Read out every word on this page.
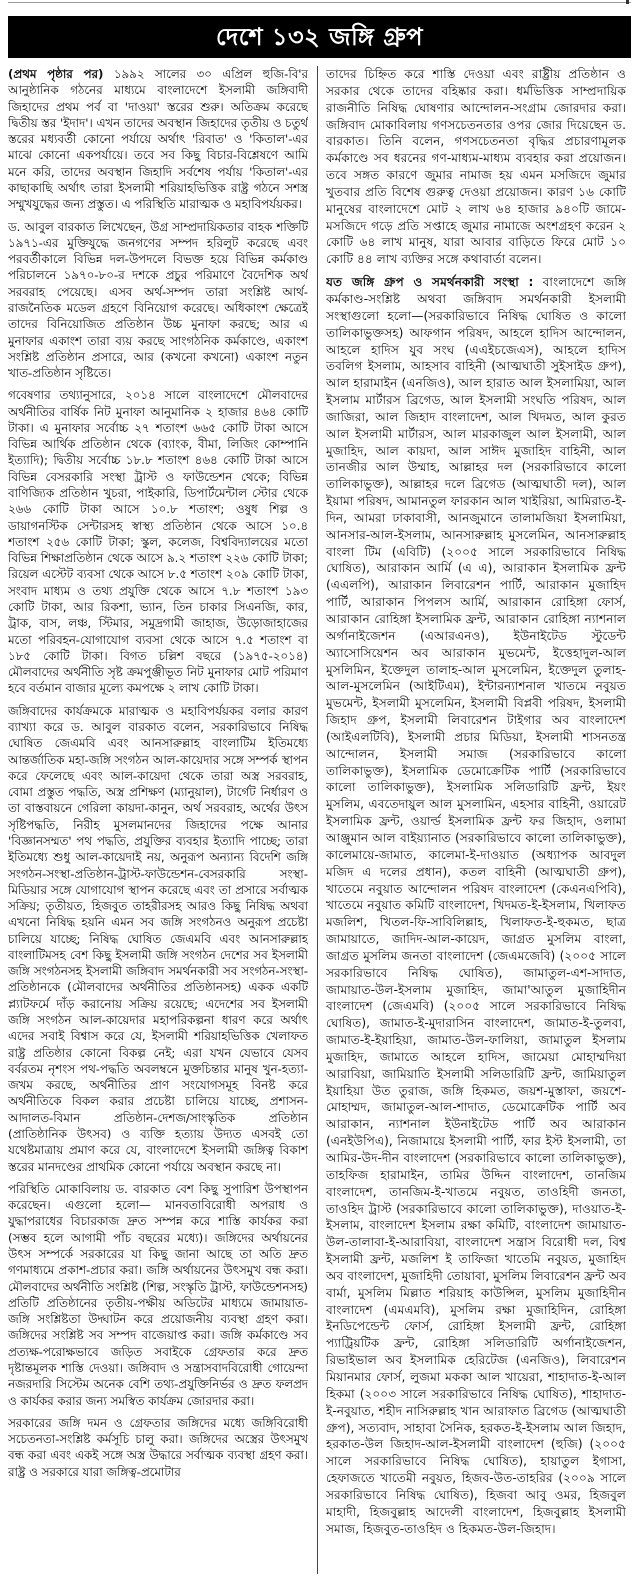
দেশে ১৩২ জঙ্গি গ্রুপ

(প্রথম পৃষ্ঠার পর) ১৯৯২ সালের ৩০ এপ্রিল হুজি-বি'র আনুষ্ঠানিক গঠনের মাধ্যমে বাংলাদেশে ইসলামী জঙ্গিবাদী জিহাদের প্রথম পর্ব বা 'দাওয়া' স্তরের শুরু। অতিক্রম করেছে দ্বিতীয় স্তর 'ইদাদ'। এখন তাদের অবস্থান জিহাদের তৃতীয় ও চতুর্থ স্তরের মধ্যবর্তী কোনো পর্যায়ে অর্থাৎ 'রিবাত' ও 'কিতাল'-এর মাঝে কোনো একপর্যায়ে। তবে সব কিছু বিচার-বিশ্লেষণে আমি মনে করি, তাদের অবস্থান জিহাদি সর্বশেষ পর্যায় 'কিতাল'-এর কাছাকাছি অর্থাৎ তারা ইসলামী শরিয়াহভিত্তিক রাষ্ট্র গঠনে সশস্ত্র সম্মুখযুদ্ধের জন্য প্রস্তুত। এ পরিস্থিতি মারাত্মক ও মহাবিপর্যয়কর।

ড. আবুল বারকাত লিখেছেন, উগ্র সাম্প্রদায়িকতার বাহক শক্তিটি ১৯৭১-এর মুক্তিযুদ্ধে জনগণের সম্পদ হরিলুট করেছে এবং পরবর্তীকালে বিভিন্ন দল-উপদলে বিভক্ত হয়ে বিভিন্ন কর্মকাণ্ড পরিচালনে ১৯৭০-৮০-র দশকে প্রচুর পরিমাণে বৈদেশিক অর্থ সরবরাহ পেয়েছে। এসব অর্থ-সম্পদ তারা সংশ্লিষ্ট আর্থ-রাজনৈতিক মডেল গ্রহণে বিনিয়োগ করেছে। অধিকাংশ ক্ষেত্রেই তাদের বিনিয়োজিত প্রতিষ্ঠান উচ্চ মুনাফা করছে; আর এ মুনাফার একাংশ তারা ব্যয় করছে সাংগঠনিক কর্মকাণ্ডে, একাংশ সংশ্লিষ্ট প্রতিষ্ঠান প্রসারে, আর (কখনো কখনো) একাংশ নতুন খাত-প্রতিষ্ঠান সৃষ্টিতে।

গবেষণার তথ্যানুসারে, ২০১৪ সালে বাংলাদেশে মৌলবাদের অর্থনীতির বার্ষিক নিট মুনাফা আনুমানিক ২ হাজার ৪৬৪ কোটি টাকা। এ মুনাফার সর্বোচ্চ ২৭ শতাংশ ৬৬৫ কোটি টাকা আসে বিভিন্ন আর্থিক প্রতিষ্ঠান থেকে (ব্যাংক, বীমা, লিজিং কোম্পানি ইত্যাদি); দ্বিতীয় সর্বোচ্চ ১৮.৮ শতাংশ ৪৬৪ কোটি টাকা আসে বিভিন্ন বেসরকারি সংস্থা ট্রাস্ট ও ফাউন্ডেশন থেকে; বিভিন্ন বাণিজ্যিক প্রতিষ্ঠান খুচরা, পাইকারি, ডিপার্টমেন্টাল স্টোর থেকে ২৬৬ কোটি টাকা আসে ১০.৮ শতাংশ; ওষুধ শিল্প ও ডায়াগনস্টিক সেন্টারসহ স্বাস্থ্য প্রতিষ্ঠান থেকে আসে ১০.৪ শতাংশ ২৫৬ কোটি টাকা; স্কুল, কলেজ, বিশ্ববিদ্যালয়ের মতো বিভিন্ন শিক্ষাপ্রতিষ্ঠান থেকে আসে ৯.২ শতাংশ ২২৬ কোটি টাকা; রিয়েল এস্টেট ব্যবসা থেকে আসে ৮.৫ শতাংশ ২০৯ কোটি টাকা, সংবাদ মাধ্যম ও তথ্য প্রযুক্তি থেকে আসে ৭.৮ শতাংশ ১৯৩ কোটি টাকা, আর রিকশা, ভ্যান, তিন চাকার সিএনজি, কার, ট্রাক, বাস, লঞ্চ, স্টিমার, সমুদ্রগামী জাহাজ, উড়োজাহাজের মতো পরিবহন-যোগাযোগ ব্যবসা থেকে আসে ৭.৫ শতাংশ বা ১৮৫ কোটি টাকা। বিগত চল্লিশ বছরে (১৯৭৫-২০১৪) মৌলবাদের অর্থনীতি সৃষ্ট ক্রমপুঞ্জীভূত নিট মুনাফার মোট পরিমাণ হবে বর্তমান বাজার মূল্যে কমপক্ষে ২ লাখ কোটি টাকা।

জঙ্গিবাদের কার্যক্রমকে মারাত্মক ও মহাবিপর্যয়কর বলার কারণ ব্যাখ্যা করে ড. আবুল বারকাত বলেন, সরকারিভাবে নিষিদ্ধ ঘোষিত জেএমবি এবং আনসারুল্লাহ বাংলাটিম ইতিমধ্যে আন্তর্জাতিক মহা-জঙ্গি সংগঠন আল-কায়েদার সঙ্গে সম্পর্ক স্থাপন করে ফেলেছে এবং আল-কায়েদা থেকে তারা অস্ত্র সরবরাহ, বোমা প্রস্তুত পদ্ধতি, অস্ত্র প্রশিক্ষণ (ম্যানুয়াল), টার্গেট নির্ধারণ ও তা বাস্তবায়নে গেরিলা কায়দা-কানুন, অর্থ সরবরাহ, অর্থের উৎস সৃষ্টিপদ্ধতি, নিরীহ মুসলমানদের জিহাদের পক্ষে আনার 'বিজ্ঞানসম্মত' পথ পদ্ধতি, প্রযুক্তির ব্যবহার ইত্যাদি পাচ্ছে; তারা ইতিমধ্যে শুধু আল-কায়েদাই নয়, অনুরূপ অন্যান্য বিদেশি জঙ্গি সংগঠন-সংস্থা-প্রতিষ্ঠান-ট্রাস্ট-ফাউন্ডেশন-বেসরকারি সংস্থা-মিডিয়ার সঙ্গে যোগাযোগ স্থাপন করেছে এবং তা প্রসারে সর্বাত্মক সক্রিয়; তৃতীয়ত, হিজবুত তাহরীরসহ আরও কিছু নিষিদ্ধ অথবা এখনো নিষিদ্ধ হয়নি এমন সব জঙ্গি সংগঠনও অনুরূপ প্রচেষ্টা চালিয়ে যাচ্ছে; নিষিদ্ধ ঘোষিত জেএমবি এবং আনসারুল্লাহ বাংলাটিমসহ বেশ কিছু ইসলামী জঙ্গি সংগঠন দেশের সব ইসলামী জঙ্গি সংগঠনসহ ইসলামী জঙ্গিবাদ সমর্থনকারী সব সংগঠন-সংস্থা-প্রতিষ্ঠানকে (মৌলবাদের অর্থনীতির প্রতিষ্ঠানসহ) একক একটি প্ল্যাটফর্মে দাঁড় করানোয় সক্রিয় রয়েছে; এদেশের সব ইসলামী জঙ্গি সংগঠন আল-কায়েদার মহাপরিকল্পনা ধারণ করে অর্থাৎ এদের সবাই বিশ্বাস করে যে, ইসলামী শরিয়াহভিত্তিক খেলাফত রাষ্ট্র প্রতিষ্ঠার কোনো বিকল্প নেই; এরা যখন যেভাবে যেসব বর্বরতম নৃশংস পথ-পদ্ধতি অবলম্বনে মুক্তচিন্তার মানুষ খুন-হত্যা-জখম করছে, অর্থনীতির প্রাণ সংযোগসমূহ বিনষ্ট করে অর্থনীতিকে বিকল করার প্রচেষ্টা চালিয়ে যাচ্ছে, প্রশাসন-আদালত-বিমান প্রতিষ্ঠান-দেশজ/সাংস্কৃতিক প্রতিষ্ঠান (প্রাতিষ্ঠানিক উৎসব) ও ব্যক্তি হত্যায় উদ্যত এসবই তো যথেষ্টমাত্রায় প্রমাণ করে যে, বাংলাদেশে ইসলামী জঙ্গিত্ব বিকাশ স্তরের মানদণ্ডের প্রাথমিক কোনো পর্যায়ে অবস্থান করছে না।

পরিস্থিতি মোকাবিলায় ড. বারকাত বেশ কিছু সুপারিশ উপস্থাপন করেছেন। এগুলো হলো— মানবতাবিরোধী অপরাধ ও যুদ্ধাপরাধের বিচারকাজ দ্রুত সম্পন্ন করে শাস্তি কার্যকর করা (সম্ভব হলে আগামী পাঁচ বছরের মধ্যে)। জঙ্গিদের অর্থায়নের উৎস সম্পর্কে সরকারের যা কিছু জানা আছে তা অতি দ্রুত গণমাধ্যমে প্রকাশ-প্রচার করা। জঙ্গি অর্থায়নের উৎসমুখ বন্ধ করা। মৌলবাদের অর্থনীতি সংশ্লিষ্ট (শিল্প, সংস্কৃতি ট্রাস্ট, ফাউন্ডেশনসহ) প্রতিটি প্রতিষ্ঠানের তৃতীয়-পক্ষীয় অডিটের মাধ্যমে জামায়াত-জঙ্গি সংশ্লিষ্টতা উদ্ঘাটন করে প্রয়োজনীয় ব্যবস্থা গ্রহণ করা। জঙ্গিদের সংশ্লিষ্ট সব সম্পদ বাজেয়াপ্ত করা। জঙ্গি কর্মকাণ্ডে সব প্রত্যক্ষ-পরোক্ষভাবে জড়িত সবাইকে গ্রেফতার করে দ্রুত দৃষ্টান্তমূলক শাস্তি দেওয়া। জঙ্গিবাদ ও সন্ত্রাসবাদবিরোধী গোয়েন্দা নজরদারি সিস্টেম অনেক বেশি তথ্য-প্রযুক্তিনির্ভর ও দ্রুত ফলপ্রদ ও কার্যকর করার জন্য সমস্বিত কার্যক্রম জোরদার করা।

সরকারের জঙ্গি দমন ও গ্রেফতার জঙ্গিদের মধ্যে জঙ্গিবিরোধী সচেতনতা-সংশ্লিষ্ট কর্মসূচি চালু করা। জঙ্গিদের অস্ত্রের উৎসমুখ বন্ধ করা এবং একই সঙ্গে অস্ত্র উদ্ধারে সর্বাত্মক ব্যবস্থা গ্রহণ করা। রাষ্ট্র ও সরকারে যারা জঙ্গিত্ব-প্রমোটার

তাদের চিহ্নিত করে শাস্তি দেওয়া এবং রাষ্ট্রীয় প্রতিষ্ঠান ও সরকার থেকে তাদের বহিষ্কার করা। ধর্মভিত্তিক সাম্প্রদায়িক রাজনীতি নিষিদ্ধ ঘোষণার আন্দোলন-সংগ্রাম জোরদার করা। জঙ্গিবাদ মোকাবিলায় গণসচেতনতার ওপর জোর দিয়েছেন ড. বারকাত। তিনি বলেন, গণসচেতনতা বৃদ্ধির প্রচারণামূলক কর্মকাণ্ডে সব ধরনের গণ-মাধ্যম-মাধ্যম ব্যবহার করা প্রয়োজন। তবে সঙ্গত কারণে জুমার নামাজ হয় এমন মসজিদে জুমার খুতবার প্রতি বিশেষ গুরুত্ব দেওয়া প্রয়োজন। কারণ ১৬ কোটি মানুষের বাংলাদেশে মোট ২ লাখ ৬৪ হাজার ৯৪০টি জামে-মসজিদে গড়ে প্রতি সপ্তাহে জুমার নামাজে অংশগ্রহণ করেন ২ কোটি ৬৪ লাখ মানুষ, যারা আবার বাড়িতে ফিরে মোট ১০ কোটি ৪৪ লাখ ব্যক্তির সঙ্গে কথাবার্তা বলেন।

যত জঙ্গি গ্রুপ ও সমর্থনকারী সংস্থা : বাংলাদেশে জঙ্গি কর্মকাণ্ড-সংশ্লিষ্ট অথবা জঙ্গিবাদ সমর্থনকারী ইসলামী সংস্থাগুলো হলো—(সরকারিভাবে নিষিদ্ধ ঘোষিত ও কালো তালিকাভুক্তসহ) আফগান পরিষদ, আহলে হাদিস আন্দোলন, আহলে হাদিস যুব সংঘ (এএইচজেএস), আহলে হাদিস তবলিগ ইসলাম, আহসাব বাহিনী (আত্মঘাতী সুইসাইড গ্রুপ), আল হারামাইন (এনজিও), আল হারাত আল ইসলামিয়া, আল ইসলাম মার্টারস ব্রিগেড, আল ইসলামী সংঘতি পরিষদ, আল জাজিরা, আল জিহাদ বাংলাদেশ, আল খিদমত, আল কুরত আল ইসলামী মার্টারস, আল মারকাজুল আল ইসলামী, আল মুজাহিদ, আল কায়দা, আল সাঈদ মুজাহিদ বাহিনী, আল তানজীর আল উম্মাহ, আল্লাহর দল (সরকারিভাবে কালো তালিকাভুক্ত), আল্লাহর দলে ব্রিগেড (আত্মঘাতী দল), আল ইয়ামা পরিষদ, আমানতুল ফারকান আল খাইরিয়া, আমিরাত-ই-দিন, আমরা ঢাকাবাসী, আনজুমানে তালামজিয়া ইসলামিয়া, আনসার-আল-ইসলাম, আনসারুল্লাহ মুসলেমিন, আনসারুল্লাহ বাংলা টিম (এবিটি) (২০০৫ সালে সরকারিভাবে নিষিদ্ধ ঘোষিত), আরাকান আর্মি (এ এ), আরাকান ইসলামিক ফ্রন্ট (এএলপি), আরাকান লিবারেশন পার্টি, আরাকান মুজাহিদ পার্টি, আরাকান পিপলস আর্মি, আরাকান রোহিঙ্গা ফোর্স, আরাকান রোহিঙ্গা ইসলামিক ফ্রন্ট, আরাকান রোহিঙ্গা ন্যাশনাল অর্গানাইজেশন (এআরএনও), ইউনাইটেড স্টুডেন্ট অ্যাসোসিয়েশন অব আরাকান মুভমেন্ট, ইত্তেহাদুল-আল মুসলিমিন, ইক্তেদুল তালাহ-আল মুসলেমিন, ইক্তেদুল তুলাহ-আল-মুসলেমিন (আইটিএম), ইন্টারন্যাশনাল খাতমে নবুয়ত মুভমেন্ট, ইসলামী মুসলেমিন, ইসলামী বিপ্লবী পরিষদ, ইসলামী জিহাদ গ্রুপ, ইসলামী লিবারেশন টাইগার অব বাংলাদেশ (আইএলটিবি), ইসলামী প্রচার মিডিয়া, ইসলামী শাসনতন্ত্র আন্দোলন, ইসলামী সমাজ (সরকারিভাবে কালো তালিকাভুক্ত), ইসলামিক ডেমোক্রেটিক পার্টি (সরকারিভাবে কালো তালিকাভুক্ত), ইসলামিক সলিডারিটি ফ্রন্ট, ইয়ং মুসলিম, এবতেদায়ুল আল মুসলামিন, এহসার বাহিনী, ওয়ারেট ইসলামিক ফ্রন্ট, ওয়ার্ল্ড ইসলামিক ফ্রন্ট ফর জিহাদ, ওলামা আঞ্জুমান আল বাইয়্যানাত (সরকারিভাবে কালো তালিকাভুক্ত), কালেমায়ে-জামাত, কালেমা-ই-দাওয়াত (অধ্যাপক আবদুল মজিদ এ দলের প্রধান), কতল বাহিনী (আত্মঘাতী গ্রুপ), খাতেমে নবুয়াত আন্দোলন পরিষদ বাংলাদেশ (কেএনএপিবি), খাতেমে নবুয়াত কমিটি বাংলাদেশ, খিদমত-ই-ইসলাম, খিলাফত মজলিশ, খিতল-ফি-সাবিলিল্লাহ, খিলাফত-ই-হুকমত, ছাত্র জামায়াতে, জাদিদ-আল-কায়েদ, জাগ্রত মুসলিম বাংলা, জাগ্রত মুসলিম জনতা বাংলাদেশ (জেএমজেবি) (২০০৫ সালে সরকারিভাবে নিষিদ্ধ ঘোষিত), জামাতুল-এশ-সাদাত, জামায়াত-উল-ইসলাম মুজাহিদ, জামা'আতুল মুজাহিদীন বাংলাদেশ (জেএমবি) (২০০৫ সালে সরকারিভাবে নিষিদ্ধ ঘোষিত), জামাত-ই-মুদারাসিন বাংলাদেশ, জামাত-ই-তুলবা, জামাত-ই-ইয়াহিয়া, জামাত-উল-ফালিয়া, জামাতুল ইসলাম মুজাহিদ, জামাতে আহলে হাদিস, জামেয়া মোহাম্মদিয়া আরাবিয়া, জামিয়াতি ইসলামী সলিডারিটি ফ্রন্ট, জামিয়াতুল ইয়াহিয়া উত তুরাজ, জঙ্গি হিকমত, জয়শ-মুস্তাফা, জয়শে-মোহাম্মদ, জামাতুল-আল-শাদাত, ডেমোক্রেটিক পার্টি অব আরাকান, ন্যাশনাল ইউনাইটেড পার্টি অব আরাকান (এনইউপিএ), নিজামায়ে ইসলামী পার্টি, ফার ইস্ট ইসলামী, তা আমির-উদ-দীন বাংলাদেশ (সরকারিভাবে কালো তালিকাভুক্ত), তাহফিজ হারামাইন, তামির উদ্দিন বাংলাদেশ, তানজিম বাংলাদেশ, তানজিম-ই-খাতমে নবুয়ত, তাওহিদী জনতা, তাওহিদ ট্রাস্ট (সরকারিভাবে কালো তালিকাভুক্ত), দাওয়াত-ই-ইসলাম, বাংলাদেশ ইসলাম রক্ষা কমিটি, বাংলাদেশ জামায়াত-উল-তালাবা-ই-আরাবিয়া, বাংলাদেশ সন্ত্রাস বিরোধী দল, বিশ্ব ইসলামী ফ্রন্ট, মজলিশ ই তাফিজা খাতেমি নবুয়ত, মুজাহিদ অব বাংলাদেশ, মুজাহিদী তোয়াবা, মুসলিম লিবারেশন ফ্রন্ট অব বার্মা, মুসলিম মিল্লাত শরিয়াহ কাউন্সিল, মুসলিম মুজাহিদীন বাংলাদেশ (এমএমবি), মুসলিম রক্ষা মুজাহিদিন, রোহিঙ্গা ইনডিপেন্ডেন্ট ফোর্স, রোহিঙ্গা ইসলামী ফ্রন্ট, রোহিঙ্গা প্যাট্রিয়টিক ফ্রন্ট, রোহিঙ্গা সলিডারিটি অর্গানাইজেশন, রিভাইভাল অব ইসলামিক হেরিটেজ (এনজিও), লিবারেশন মিয়ানমার ফোর্স, লুজমা মককা আল খায়েরা, শাহাদাত-ই-আল হিকমা (২০০৩ সালে সরকারিভাবে নিষিদ্ধ ঘোষিত), শাহাদাত-ই-নবুয়াত, শহীদ নাসিরুল্লাহ খান আরাফাত ব্রিগেড (আত্মঘাতী গ্রুপ), সত্যবাদ, সাহাবা সৈনিক, হরকত-ই-ইসলাম আল জিহাদ, হরকাত-উল জিহাদ-আল-ইসলামী বাংলাদেশ (হুজি) (২০০৫ সালে সরকারিভাবে নিষিদ্ধ ঘোষিত), হায়াতুল ইগাসা, হেফাজতে খাতেমী নবুয়ত, হিজব-উত-তাহরির (২০০৯ সালে সরকারিভাবে নিষিদ্ধ ঘোষিত), হিজবা আবু ওমর, হিজবুল মাহাদী, হিজবুল্লাহ আদেলী বাংলাদেশ, হিজবুল্লাহ ইসলামী সমাজ, হিজবুত-তাওহিদ ও হিকমত-উল-জিহাদ।
